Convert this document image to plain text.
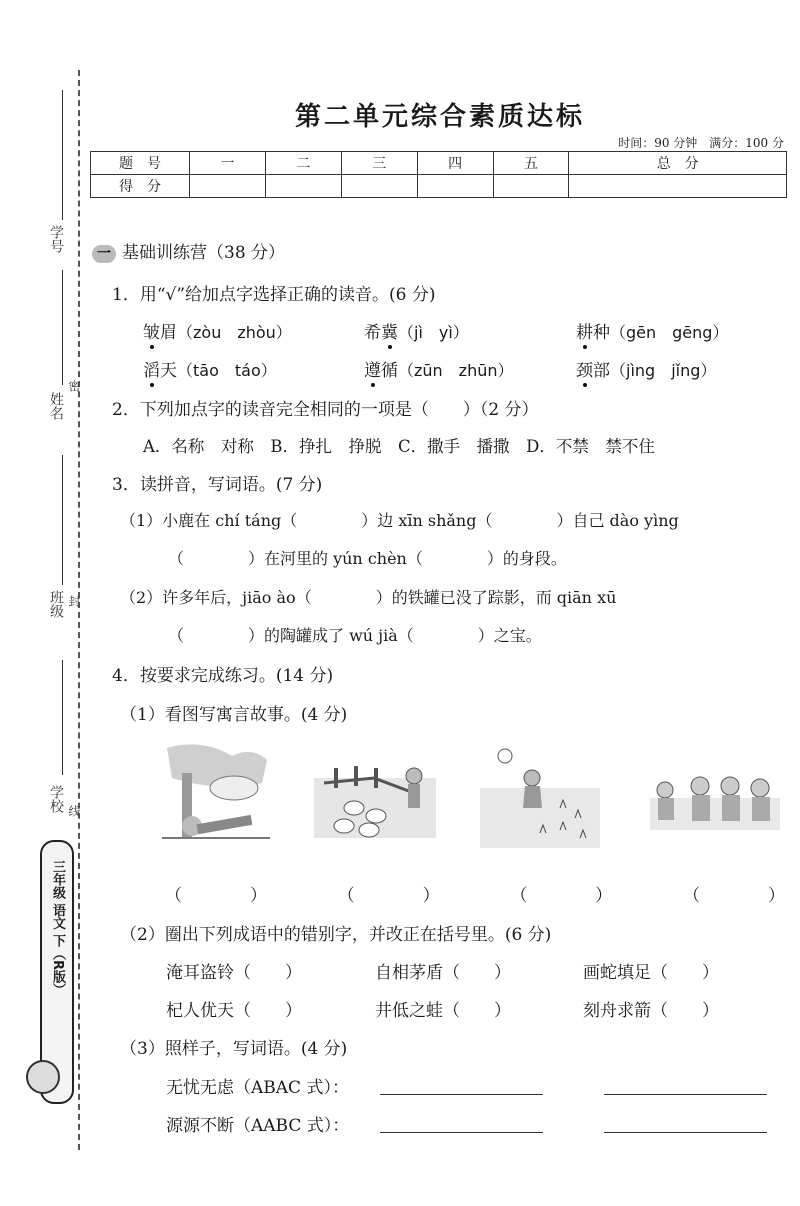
学号
姓名
密
班级 封
学校 线
三年级 语文 下（R版）
第二单元综合素质达标
时间：90 分钟　满分：100 分
题　号	一	二	三	四	五	总　分
得　分						
一 基础训练营（38 分）
1．用“√”给加点字选择正确的读音。(6 分)
皱眉（zòu　zhòu）	希冀（jì　yì）	耕种（gēn　gēng）
滔天（tāo　táo）	遵循（zūn　zhūn）	颈部（jìng　jǐng）
2．下列加点字的读音完全相同的一项是（　　）（2 分）
A．名称　对称　B．挣扎　挣脱　C．撒手　播撒　D．不禁　禁不住
3．读拼音，写词语。(7 分)
（1）小鹿在 chí táng（　　　　）边 xīn shǎng（　　　　）自己 dào yìng
（　　　　）在河里的 yún chèn（　　　　）的身段。
（2）许多年后，jiāo ào（　　　　）的铁罐已没了踪影，而 qiān xū
（　　　　）的陶罐成了 wú jià（　　　　）之宝。
4．按要求完成练习。(14 分)
（1）看图写寓言故事。(4 分)
（　　　　）	（　　　　）	（　　　　）	（　　　　）
（2）圈出下列成语中的错别字，并改正在括号里。(6 分)
淹耳盗铃（　　）	自相茅盾（　　）	画蛇填足（　　）
杞人优天（　　）	井低之蛙（　　）	刻舟求箭（　　）
（3）照样子，写词语。(4 分)
无忧无虑（ABAC 式）：
源源不断（AABC 式）：
